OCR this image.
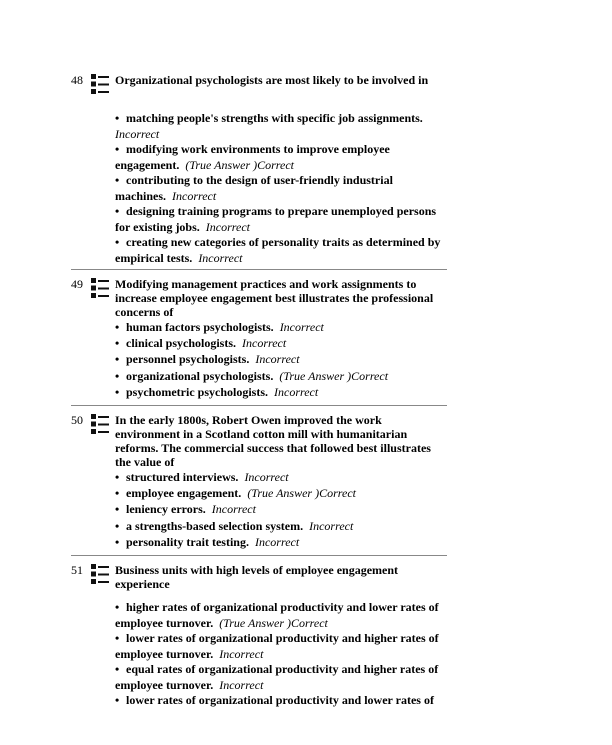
48	Organizational psychologists are most likely to be involved in
• matching people's strengths with specific job assignments.  Incorrect
• modifying work environments to improve employee engagement. (True Answer )Correct
• contributing to the design of user-friendly industrial machines. Incorrect
• designing training programs to prepare unemployed persons for existing jobs. Incorrect
• creating new categories of personality traits as determined by empirical tests. Incorrect
49	Modifying management practices and work assignments to increase employee engagement best illustrates the professional concerns of
• human factors psychologists. Incorrect
• clinical psychologists. Incorrect
• personnel psychologists. Incorrect
• organizational psychologists. (True Answer )Correct
• psychometric psychologists. Incorrect
50	In the early 1800s, Robert Owen improved the work environment in a Scotland cotton mill with humanitarian reforms. The commercial success that followed best illustrates the value of
• structured interviews. Incorrect
• employee engagement. (True Answer )Correct
• leniency errors. Incorrect
• a strengths-based selection system. Incorrect
• personality trait testing. Incorrect
51	Business units with high levels of employee engagement experience
• higher rates of organizational productivity and lower rates of employee turnover. (True Answer )Correct
• lower rates of organizational productivity and higher rates of employee turnover. Incorrect
• equal rates of organizational productivity and higher rates of employee turnover. Incorrect
• lower rates of organizational productivity and lower rates of
